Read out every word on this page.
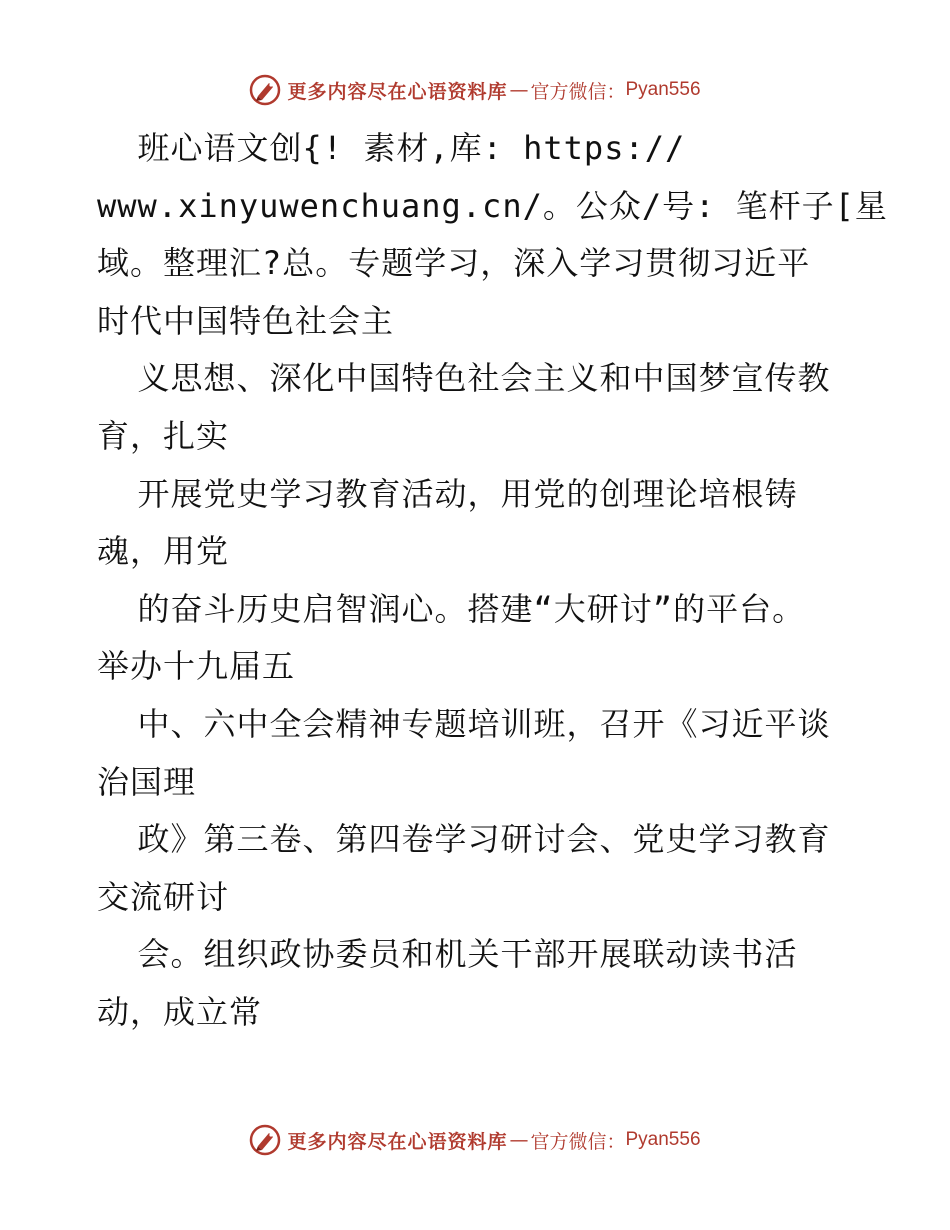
更多内容尽在心语资料库 — 官方微信： Pyan556
班心语文创{! 素材,库: https://
www.xinyuwenchuang.cn/。公众/号: 笔杆子[星
域。整理汇?总。专题学习，深入学习贯彻习近平
时代中国特色社会主
义思想、深化中国特色社会主义和中国梦宣传教
育，扎实
开展党史学习教育活动，用党的创理论培根铸
魂，用党
的奋斗历史启智润心。搭建“大研讨”的平台。
举办十九届五
中、六中全会精神专题培训班，召开《习近平谈
治国理
政》第三卷、第四卷学习研讨会、党史学习教育
交流研讨
会。组织政协委员和机关干部开展联动读书活
动，成立常
更多内容尽在心语资料库 — 官方微信： Pyan556
